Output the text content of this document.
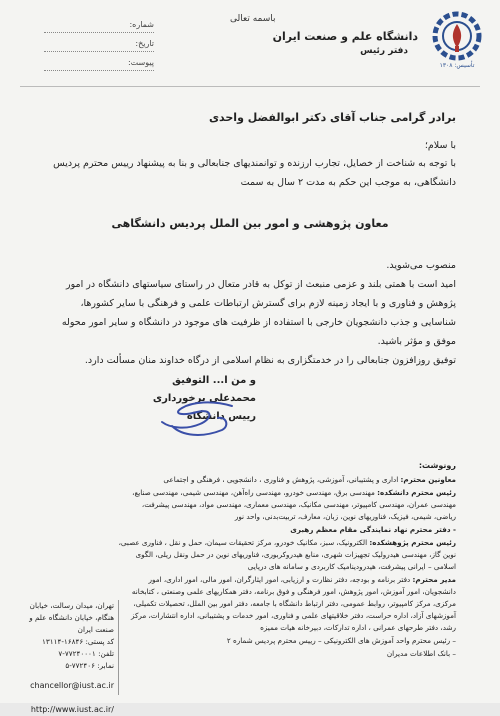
باسمه تعالی
تأسیس: ۱۳۰۸
دانشگاه علم و صنعت ایران
دفتر رئیس
شماره:
تاریخ:
پیوست:
برادر گرامی جناب آقای دکتر ابوالفضل واحدی
با سلام؛
با توجه به شناخت از خصایل، تجارب ارزنده و توانمندیهای جنابعالی و بنا به پیشنهاد رییس محترم پردیس دانشگاهی، به موجب این حکم به مدت ۲ سال به سمت
معاون پژوهشی و امور بین الملل پردیس دانشگاهی
منصوب می‌شوید.
امید است با همتی بلند و عزمی منبعث از توکل به قادر متعال در راستای سیاستهای دانشگاه در امور پژوهش و فناوری و با ایجاد زمینه لازم برای گسترش ارتباطات علمی و فرهنگی با سایر کشورها، شناسایی و جذب دانشجویان خارجی با استفاده از ظرفیت های موجود در دانشگاه و سایر امور محوله موفق و مؤثر باشید.
توفیق روزافزون جنابعالی را در خدمتگزاری به نظام اسلامی از درگاه خداوند منان مسألت دارد.
و من ا... التوفیق
محمدعلی برخورداری
رییس دانشگاه
رونوشت:
معاونین محترم: اداری و پشتیبانی، آموزشی، پژوهش و فناوری ، دانشجویی ، فرهنگی و اجتماعی
رئیس محترم دانشکده: مهندسی برق، مهندسی خودرو، مهندسی راه‌آهن، مهندسی شیمی، مهندسی صنایع، مهندسی عمران، مهندسی کامپیوتر، مهندسی مکانیک، مهندسی معماری، مهندسی مواد، مهندسی پیشرفت، ریاضی، شیمی، فیزیک، فناوریهای نوین، زبان، معارف، تربیت‌بدنی، واحد نور
- دفتر محترم نهاد نمایندگی مقام معظم رهبری
رئیس محترم پژوهشکده: الکترونیک، سبز، مکانیک خودرو، مرکز تحقیقات سیمان، حمل و نقل ، فناوری عصبی، نوین گاز، مهندسی هیدرولیک تجهیزات شهری، منابع هیدروکربوری، فناوریهای نوین در حمل ونقل ریلی، الگوی اسلامی – ایرانی پیشرفت، هیدرودینامیک کاربردی و سامانه های دریایی
مدیر محترم: دفتر برنامه و بودجه، دفتر نظارت و ارزیابی، امور ایثارگران، امور مالی، امور اداری، امور دانشجویان، امور آموزش، امور پژوهش، امور فرهنگی و فوق برنامه، دفتر همکاریهای علمی وصنعتی ، کتابخانه مرکزی، مرکز کامپیوتر، روابط عمومی، دفتر ارتباط دانشگاه با جامعه، دفتر امور بین الملل، تحصیلات تکمیلی، آموزشهای آزاد، اداره حراست، دفتر خلاقیتهای علمی و فناوری، امور خدمات و پشتیبانی، اداره انتشارات، مرکز رشد، دفتر طرحهای عمرانی ، اداره تدارکات، دبیرخانه هیات ممیزه
– رئیس محترم واحد آموزش های الکترونیکی – رییس محترم پردیس شماره ۲
– بانک اطلاعات مدیران
تهران، میدان رسالت، خیابان هنگام، خیابان دانشگاه علم و صنعت ایران
کد پستی: ۱۶۸۴۶-۱۳۱۱۴
تلفن: ۷۷۲۴۰۰۰۱-۷
نمابر: ۷۷۲۴۰۶-۵
chancellor@iust.ac.ir
http://www.iust.ac.ir/
